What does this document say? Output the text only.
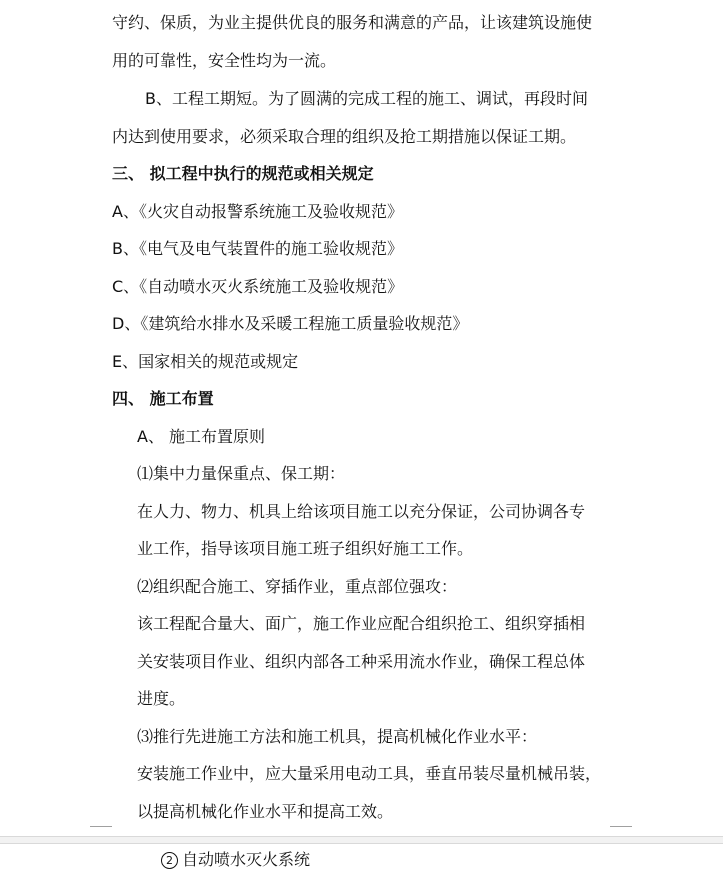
守约、保质，为业主提供优良的服务和满意的产品，让该建筑设施使
用的可靠性，安全性均为一流。
B、工程工期短。为了圆满的完成工程的施工、调试，再段时间
内达到使用要求，必须采取合理的组织及抢工期措施以保证工期。
三、 拟工程中执行的规范或相关规定
A、《火灾自动报警系统施工及验收规范》
B、《电气及电气装置件的施工验收规范》
C、《自动喷水灭火系统施工及验收规范》
D、《建筑给水排水及采暖工程施工质量验收规范》
E、国家相关的规范或规定
四、 施工布置
A、 施工布置原则
⑴集中力量保重点、保工期：
在人力、物力、机具上给该项目施工以充分保证，公司协调各专
业工作，指导该项目施工班子组织好施工工作。
⑵组织配合施工、穿插作业，重点部位强攻：
该工程配合量大、面广，施工作业应配合组织抢工、组织穿插相
关安装项目作业、组织内部各工种采用流水作业，确保工程总体
进度。
⑶推行先进施工方法和施工机具，提高机械化作业水平：
安装施工作业中，应大量采用电动工具，垂直吊装尽量机械吊装，
以提高机械化作业水平和提高工效。
2 自动喷水灭火系统
